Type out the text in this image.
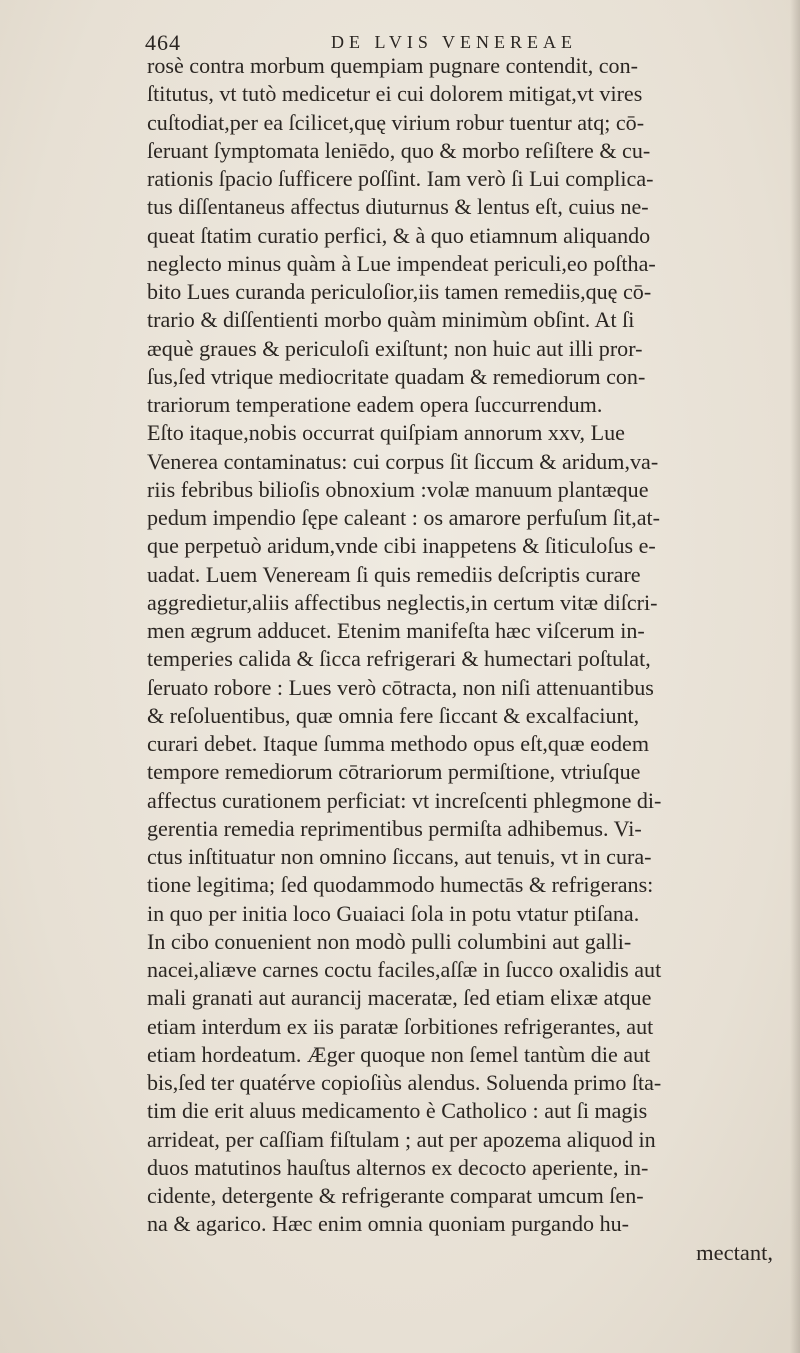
464	DE LVIS VENEREAE
rosè contra morbum quempiam pugnare contendit, con-
ſtitutus, vt tutò medicetur ei cui dolorem mitigat,vt vires
cuſtodiat,per ea ſcilicet,quę virium robur tuentur atq; cō-
ſeruant ſymptomata leniēdo, quo & morbo reſiſtere & cu-
rationis ſpacio ſufficere poſſint. Iam verò ſi Lui complica-
tus diſſentaneus affectus diuturnus & lentus eſt, cuius ne-
queat ſtatim curatio perfici, & à quo etiamnum aliquando
neglecto minus quàm à Lue impendeat periculi,eo poſtha-
bito Lues curanda periculoſior,iis tamen remediis,quę cō-
trario & diſſentienti morbo quàm minimùm obſint. At ſi
æquè graues & periculoſi exiſtunt; non huic aut illi pror-
ſus,ſed vtrique mediocritate quadam & remediorum con-
trariorum temperatione eadem opera ſuccurrendum.
Eſto itaque,nobis occurrat quiſpiam annorum xxv, Lue
Venerea contaminatus: cui corpus ſit ſiccum & aridum,va-
riis febribus bilioſis obnoxium :volæ manuum plantæque
pedum impendio ſępe caleant : os amarore perfuſum ſit,at-
que perpetuò aridum,vnde cibi inappetens & ſiticuloſus e-
uadat. Luem Veneream ſi quis remediis deſcriptis curare
aggredietur,aliis affectibus neglectis,in certum vitæ diſcri-
men ægrum adducet. Etenim manifeſta hæc viſcerum in-
temperies calida & ſicca refrigerari & humectari poſtulat,
ſeruato robore : Lues verò cōtracta, non niſi attenuantibus
& reſoluentibus, quæ omnia fere ſiccant & excalfaciunt,
curari debet. Itaque ſumma methodo opus eſt,quæ eodem
tempore remediorum cōtrariorum permiſtione, vtriuſque
affectus curationem perficiat: vt increſcenti phlegmone di-
gerentia remedia reprimentibus permiſta adhibemus. Vi-
ctus inſtituatur non omnino ſiccans, aut tenuis, vt in cura-
tione legitima; ſed quodammodo humectās & refrigerans:
in quo per initia loco Guaiaci ſola in potu vtatur ptiſana.
In cibo conuenient non modò pulli columbini aut galli-
nacei,aliæve carnes coctu faciles,aſſæ in ſucco oxalidis aut
mali granati aut aurancij maceratæ, ſed etiam elixæ atque
etiam interdum ex iis paratæ ſorbitiones refrigerantes, aut
etiam hordeatum. Æger quoque non ſemel tantùm die aut
bis,ſed ter quatérve copioſiùs alendus. Soluenda primo ſta-
tim die erit aluus medicamento è Catholico : aut ſi magis
arrideat, per caſſiam fiſtulam ; aut per apozema aliquod in
duos matutinos hauſtus alternos ex decocto aperiente, in-
cidente, detergente & refrigerante comparat umcum ſen-
na & agarico. Hæc enim omnia quoniam purgando hu-
mectant,
